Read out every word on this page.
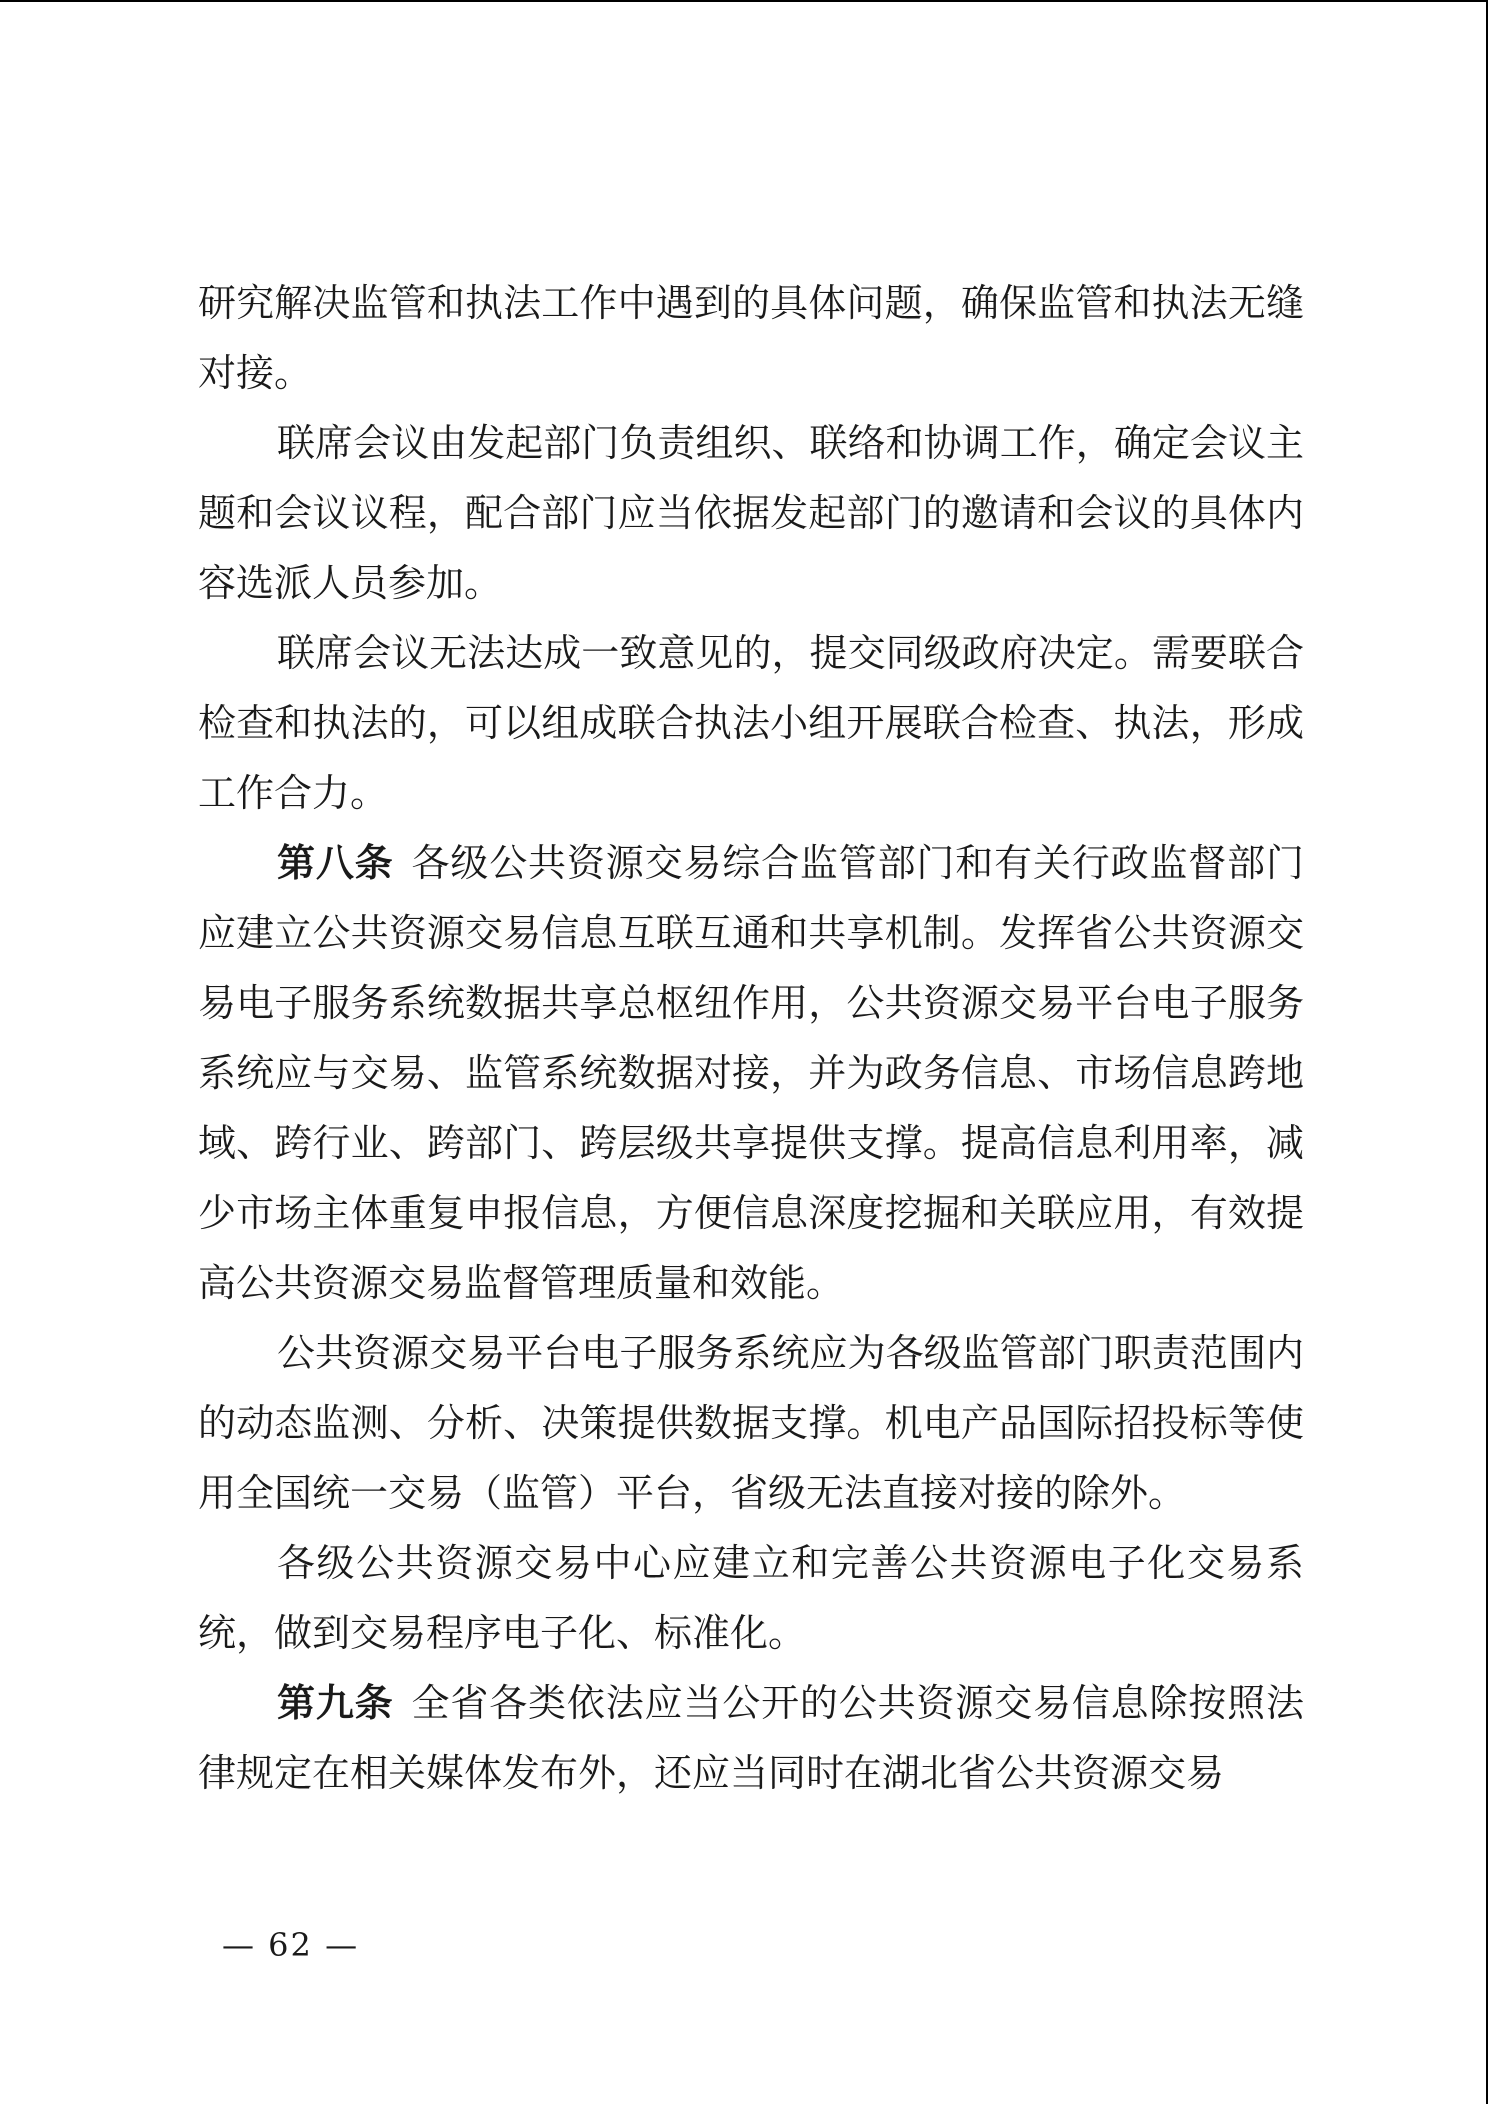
研究解决监管和执法工作中遇到的具体问题，确保监管和执法无缝对接。

联席会议由发起部门负责组织、联络和协调工作，确定会议主题和会议议程，配合部门应当依据发起部门的邀请和会议的具体内容选派人员参加。

联席会议无法达成一致意见的，提交同级政府决定。需要联合检查和执法的，可以组成联合执法小组开展联合检查、执法，形成工作合力。

第八条 各级公共资源交易综合监管部门和有关行政监督部门应建立公共资源交易信息互联互通和共享机制。发挥省公共资源交易电子服务系统数据共享总枢纽作用，公共资源交易平台电子服务系统应与交易、监管系统数据对接，并为政务信息、市场信息跨地域、跨行业、跨部门、跨层级共享提供支撑。提高信息利用率，减少市场主体重复申报信息，方便信息深度挖掘和关联应用，有效提高公共资源交易监督管理质量和效能。

公共资源交易平台电子服务系统应为各级监管部门职责范围内的动态监测、分析、决策提供数据支撑。机电产品国际招投标等使用全国统一交易（监管）平台，省级无法直接对接的除外。

各级公共资源交易中心应建立和完善公共资源电子化交易系统，做到交易程序电子化、标准化。

第九条 全省各类依法应当公开的公共资源交易信息除按照法律规定在相关媒体发布外，还应当同时在湖北省公共资源交易

— 62 —
